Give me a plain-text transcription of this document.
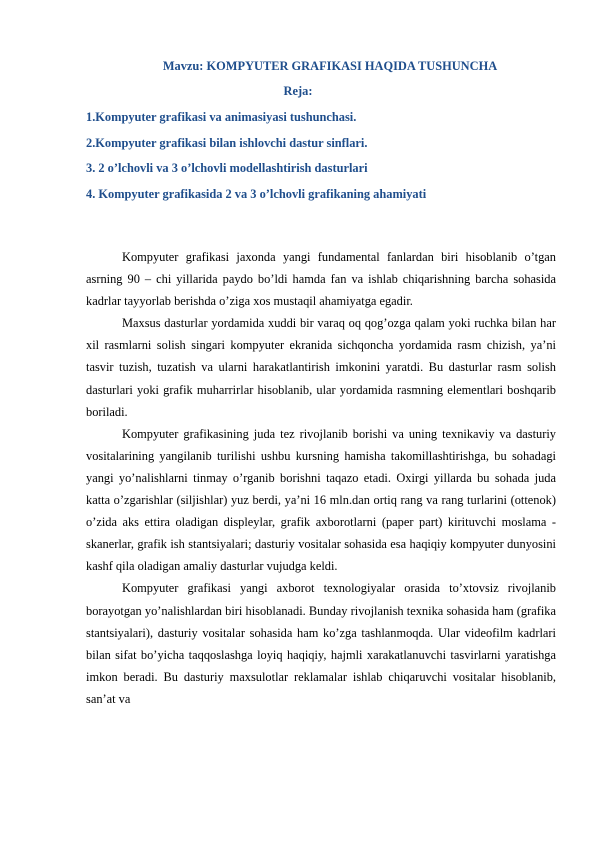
Mavzu: KOMPYUTER GRAFIKASI HAQIDA TUSHUNCHA
Reja:
1.Kompyuter grafikasi va animasiyasi tushunchasi.
2.Kompyuter grafikasi bilan ishlovchi dastur sinflari.
3. 2 o’lchovli va 3 o’lchovli modellashtirish dasturlari
4. Kompyuter grafikasida 2 va 3 o’lchovli grafikaning ahamiyati

Kompyuter grafikasi jaxonda yangi fundamental fanlardan biri hisoblanib o’tgan asrning 90 – chi yillarida paydo bo’ldi hamda fan va ishlab chiqarishning barcha sohasida kadrlar tayyorlab berishda o’ziga xos mustaqil ahamiyatga egadir.

Maxsus dasturlar yordamida xuddi bir varaq oq qog’ozga qalam yoki ruchka bilan har xil rasmlarni solish singari kompyuter ekranida sichqoncha yordamida rasm chizish, ya’ni tasvir tuzish, tuzatish va ularni harakatlantirish imkonini yaratdi. Bu dasturlar rasm solish dasturlari yoki grafik muharrirlar hisoblanib, ular yordamida rasmning elementlari boshqarib boriladi.

Kompyuter grafikasining juda tez rivojlanib borishi va uning texnikaviy va dasturiy vositalarining yangilanib turilishi ushbu kursning hamisha takomillashtirishga, bu sohadagi yangi yo’nalishlarni tinmay o’rganib borishni taqazo etadi. Oxirgi yillarda bu sohada juda katta o’zgarishlar (siljishlar) yuz berdi, ya’ni 16 mln.dan ortiq rang va rang turlarini (ottenok) o’zida aks ettira oladigan displeylar, grafik axborotlarni (paper part) kirituvchi moslama - skanerlar, grafik ish stantsiyalari; dasturiy vositalar sohasida esa haqiqiy kompyuter dunyosini kashf qila oladigan amaliy dasturlar vujudga keldi.

Kompyuter grafikasi yangi axborot texnologiyalar orasida to’xtovsiz rivojlanib borayotgan yo’nalishlardan biri hisoblanadi. Bunday rivojlanish texnika sohasida ham (grafika stantsiyalari), dasturiy vositalar sohasida ham ko’zga tashlanmoqda. Ular videofilm kadrlari bilan sifat bo’yicha taqqoslashga loyiq haqiqiy, hajmli xarakatlanuvchi tasvirlarni yaratishga imkon beradi. Bu dasturiy maxsulotlar reklamalar ishlab chiqaruvchi vositalar hisoblanib, san’at va
